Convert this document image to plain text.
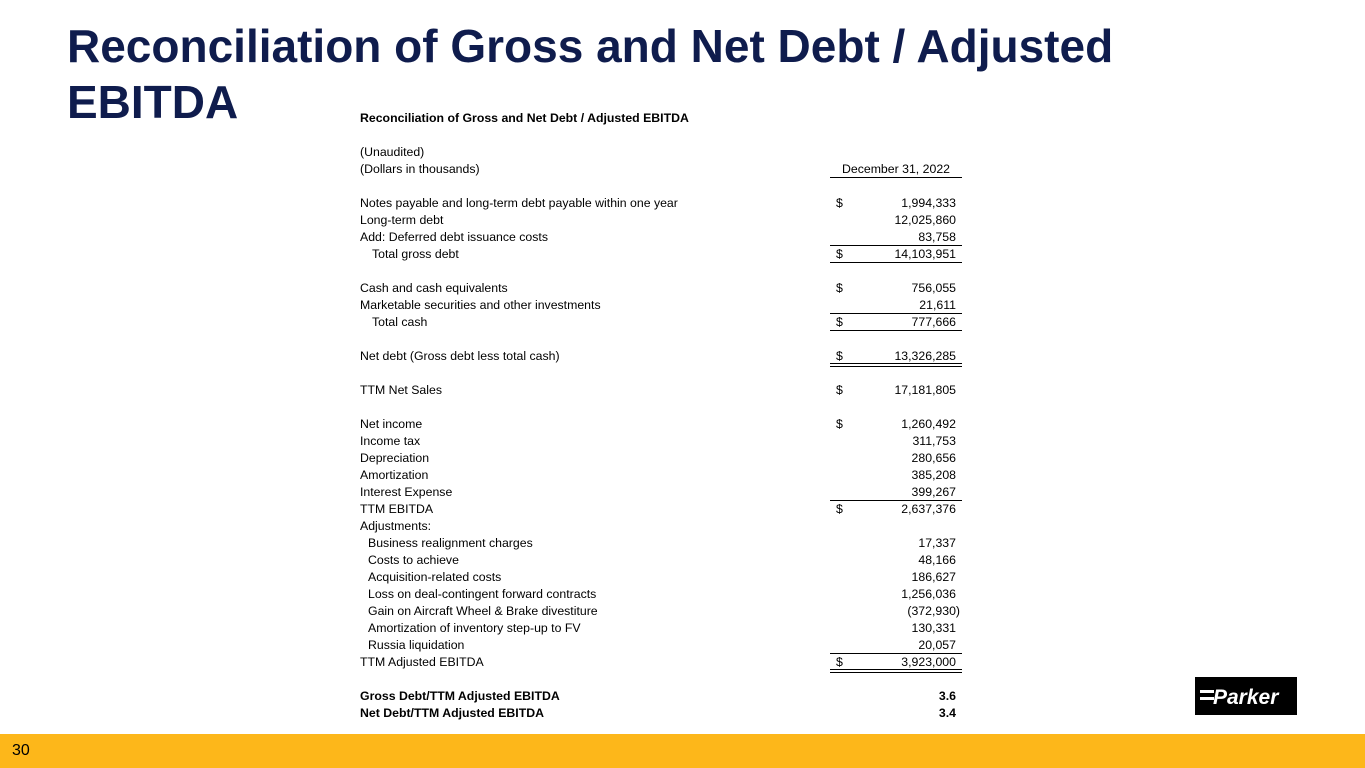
Reconciliation of Gross and Net Debt / Adjusted EBITDA	Reconciliation of Gross and Net Debt / Adjusted EBITDA
(Unaudited)
(Dollars in thousands)	December 31, 2022
Notes payable and long-term debt payable within one year	$	1,994,333
Long-term debt	12,025,860
Add: Deferred debt issuance costs	83,758
Total gross debt	$	14,103,951
Cash and cash equivalents	$	756,055
Marketable securities and other investments	21,611
Total cash	$	777,666
Net debt (Gross debt less total cash)	$	13,326,285
TTM Net Sales	$	17,181,805
Net income	$	1,260,492
Income tax	311,753
Depreciation	280,656
Amortization	385,208
Interest Expense	399,267
TTM EBITDA	$	2,637,376
Adjustments:
Business realignment charges	17,337
Costs to achieve	48,166
Acquisition-related costs	186,627
Loss on deal-contingent forward contracts	1,256,036
Gain on Aircraft Wheel & Brake divestiture	(372,930)
Amortization of inventory step-up to FV	130,331
Russia liquidation	20,057
TTM Adjusted EBITDA	$	3,923,000
Gross Debt/TTM Adjusted EBITDA	3.6
Net Debt/TTM Adjusted EBITDA	3.4
Parker
30
